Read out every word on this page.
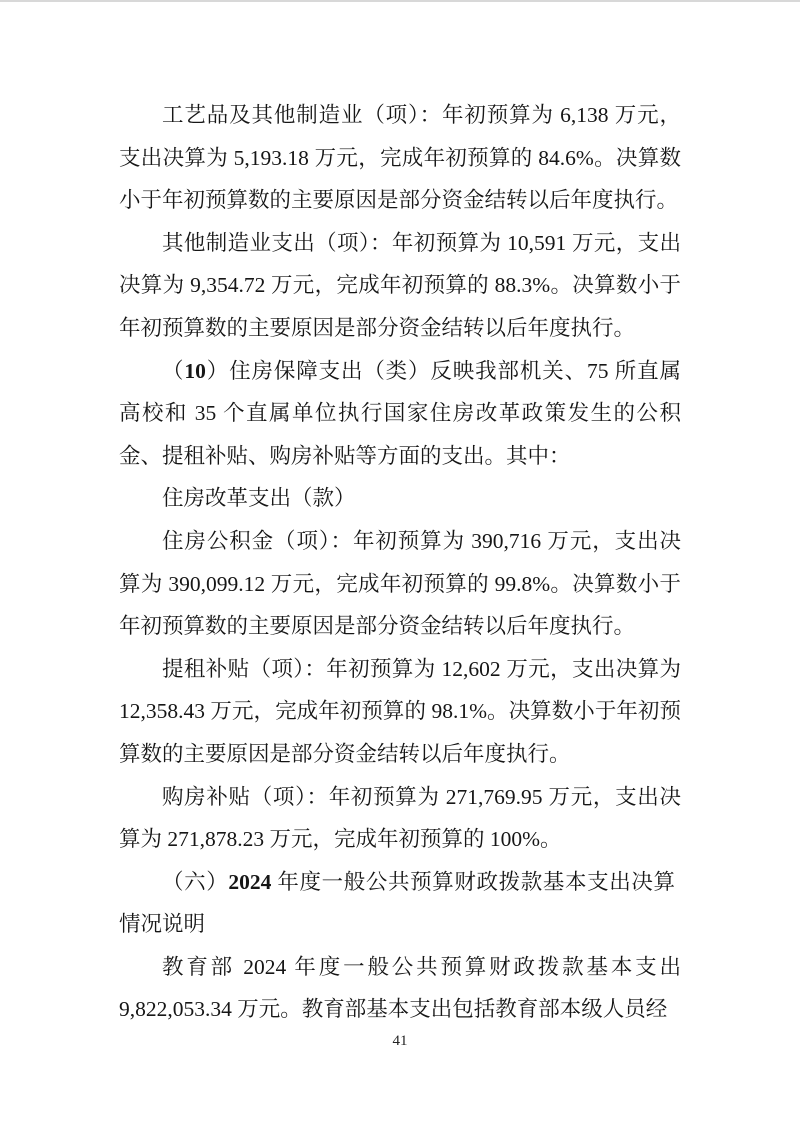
工艺品及其他制造业（项）：年初预算为 6,138 万元，支出决算为 5,193.18 万元，完成年初预算的 84.6%。决算数小于年初预算数的主要原因是部分资金结转以后年度执行。

其他制造业支出（项）：年初预算为 10,591 万元，支出决算为 9,354.72 万元，完成年初预算的 88.3%。决算数小于年初预算数的主要原因是部分资金结转以后年度执行。

（10）住房保障支出（类）反映我部机关、75 所直属高校和 35 个直属单位执行国家住房改革政策发生的公积金、提租补贴、购房补贴等方面的支出。其中：

住房改革支出（款）

住房公积金（项）：年初预算为 390,716 万元，支出决算为 390,099.12 万元，完成年初预算的 99.8%。决算数小于年初预算数的主要原因是部分资金结转以后年度执行。

提租补贴（项）：年初预算为 12,602 万元，支出决算为 12,358.43 万元，完成年初预算的 98.1%。决算数小于年初预算数的主要原因是部分资金结转以后年度执行。

购房补贴（项）：年初预算为 271,769.95 万元，支出决算为 271,878.23 万元，完成年初预算的 100%。

（六）2024 年度一般公共预算财政拨款基本支出决算情况说明

教育部 2024 年度一般公共预算财政拨款基本支出 9,822,053.34 万元。教育部基本支出包括教育部本级人员经

41
